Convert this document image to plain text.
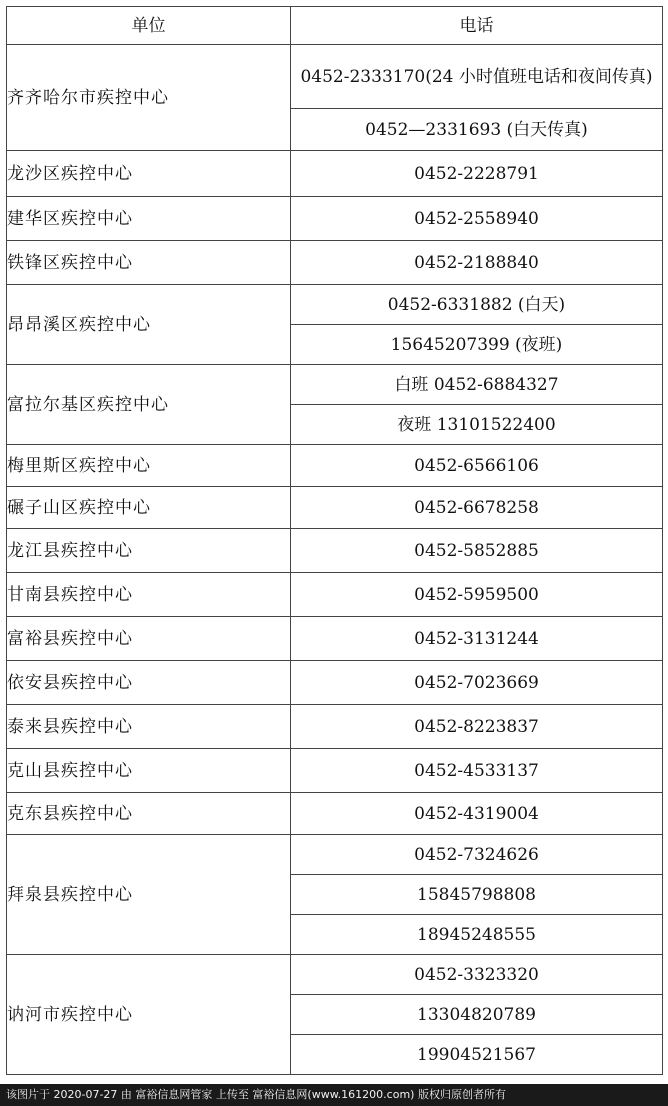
单位	电话
齐齐哈尔市疾控中心	0452-2333170(24 小时值班电话和夜间传真)
	0452—2331693 (白天传真)
龙沙区疾控中心	0452-2228791
建华区疾控中心	0452-2558940
铁锋区疾控中心	0452-2188840
昂昂溪区疾控中心	0452-6331882 (白天)
	15645207399 (夜班)
富拉尔基区疾控中心	白班 0452-6884327
	夜班 13101522400
梅里斯区疾控中心	0452-6566106
碾子山区疾控中心	0452-6678258
龙江县疾控中心	0452-5852885
甘南县疾控中心	0452-5959500
富裕县疾控中心	0452-3131244
依安县疾控中心	0452-7023669
泰来县疾控中心	0452-8223837
克山县疾控中心	0452-4533137
克东县疾控中心	0452-4319004
拜泉县疾控中心	0452-7324626
	15845798808
	18945248555
讷河市疾控中心	0452-3323320
	13304820789
	19904521567
该图片于 2020-07-27 由 富裕信息网管家 上传至 富裕信息网(www.161200.com) 版权归原创者所有
